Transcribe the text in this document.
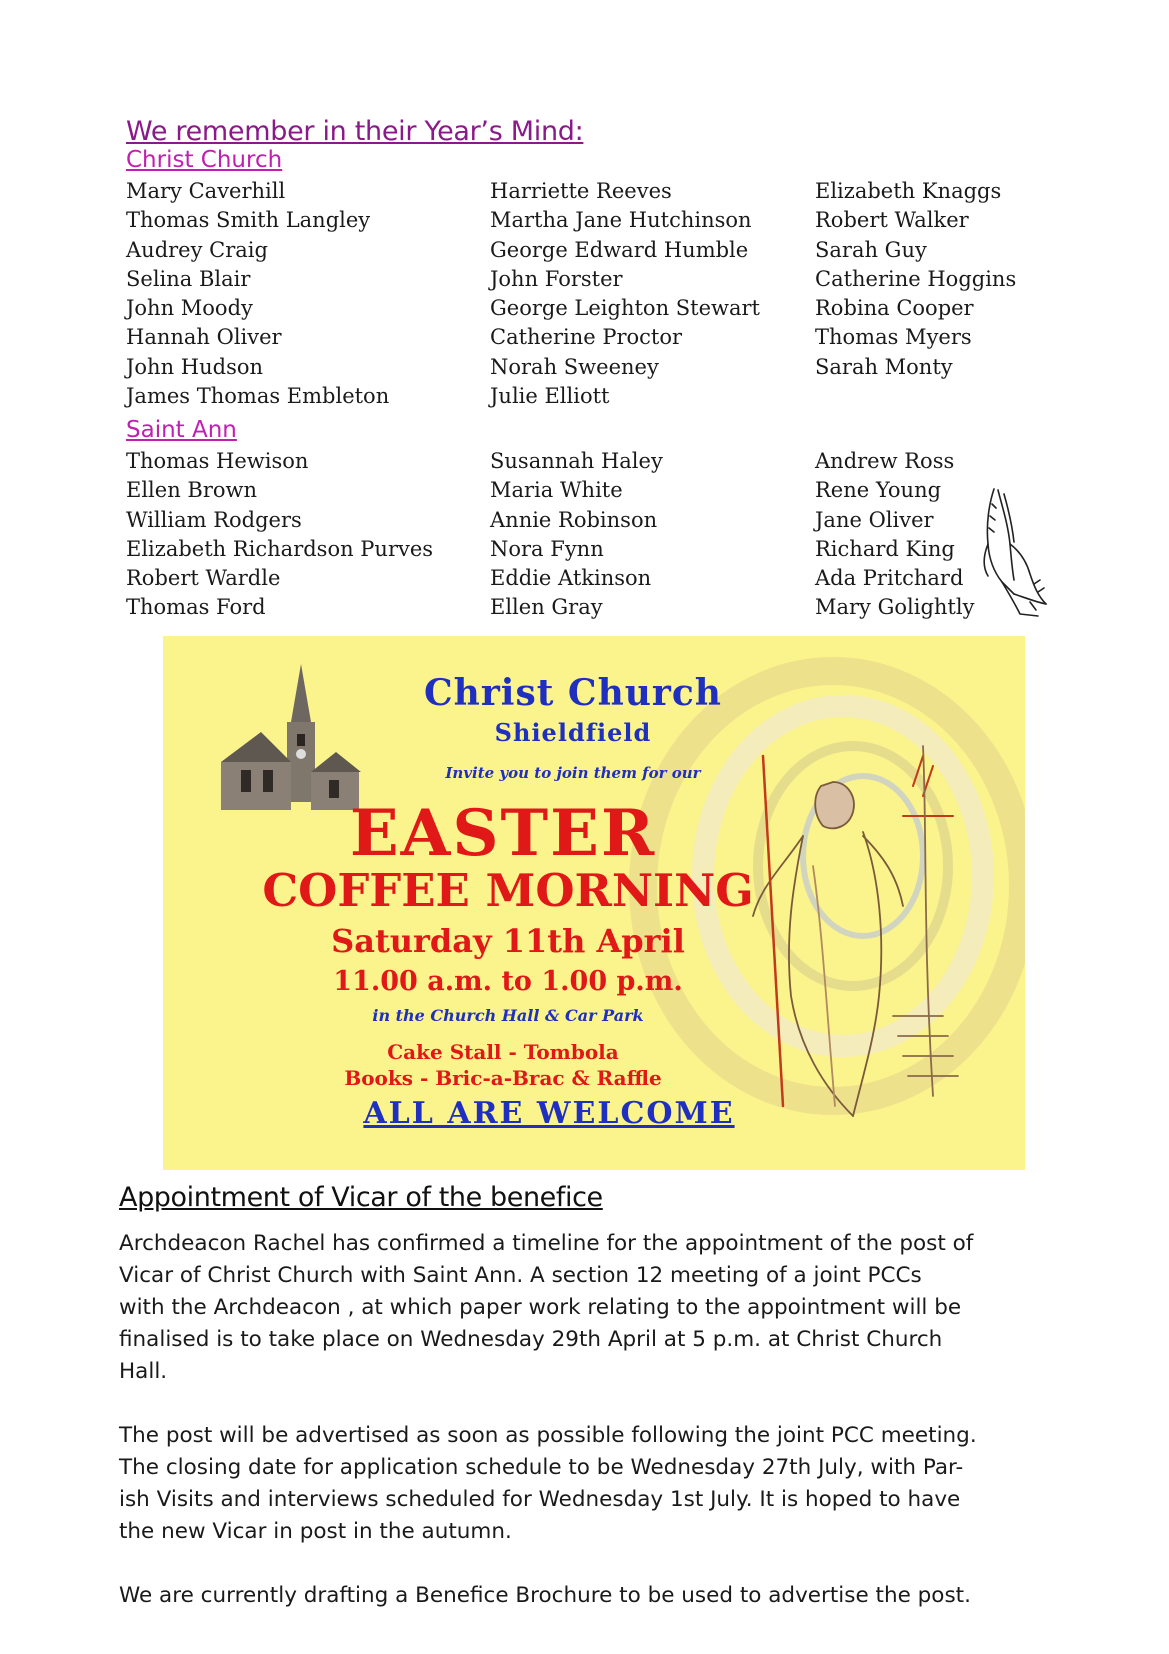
We remember in their Year’s Mind:
Christ Church
Mary Caverhill	Harriette Reeves	Elizabeth Knaggs
Thomas Smith Langley	Martha Jane Hutchinson	Robert Walker
Audrey Craig	George Edward Humble	Sarah Guy
Selina Blair	John Forster	Catherine Hoggins
John Moody	George Leighton Stewart	Robina Cooper
Hannah Oliver	Catherine Proctor	Thomas Myers
John Hudson	Norah Sweeney	Sarah Monty
James Thomas Embleton	Julie Elliott
Saint Ann
Thomas Hewison	Susannah Haley	Andrew Ross
Ellen Brown	Maria White	Rene Young
William Rodgers	Annie Robinson	Jane Oliver
Elizabeth Richardson Purves	Nora Fynn	Richard King
Robert Wardle	Eddie Atkinson	Ada Pritchard
Thomas Ford	Ellen Gray	Mary Golightly
Christ Church
Shieldfield
Invite you to join them for our
EASTER
COFFEE MORNING
Saturday 11th April
11.00 a.m. to 1.00 p.m.
in the Church Hall & Car Park
Cake Stall - Tombola
Books - Bric-a-Brac & Raffle
ALL ARE WELCOME
Appointment of Vicar of the benefice
Archdeacon Rachel has confirmed a timeline for the appointment of the post of
Vicar of Christ Church with Saint Ann. A section 12 meeting of a joint PCCs
with the Archdeacon , at which paper work relating to the appointment will be
finalised is to take place on Wednesday 29th April at 5 p.m. at Christ Church
Hall.
The post will be advertised as soon as possible following the joint PCC meeting.
The closing date for application schedule to be Wednesday 27th July, with Par-
ish Visits and interviews scheduled for Wednesday 1st July. It is hoped to have
the new Vicar in post in the autumn.
We are currently drafting a Benefice Brochure to be used to advertise the post.
